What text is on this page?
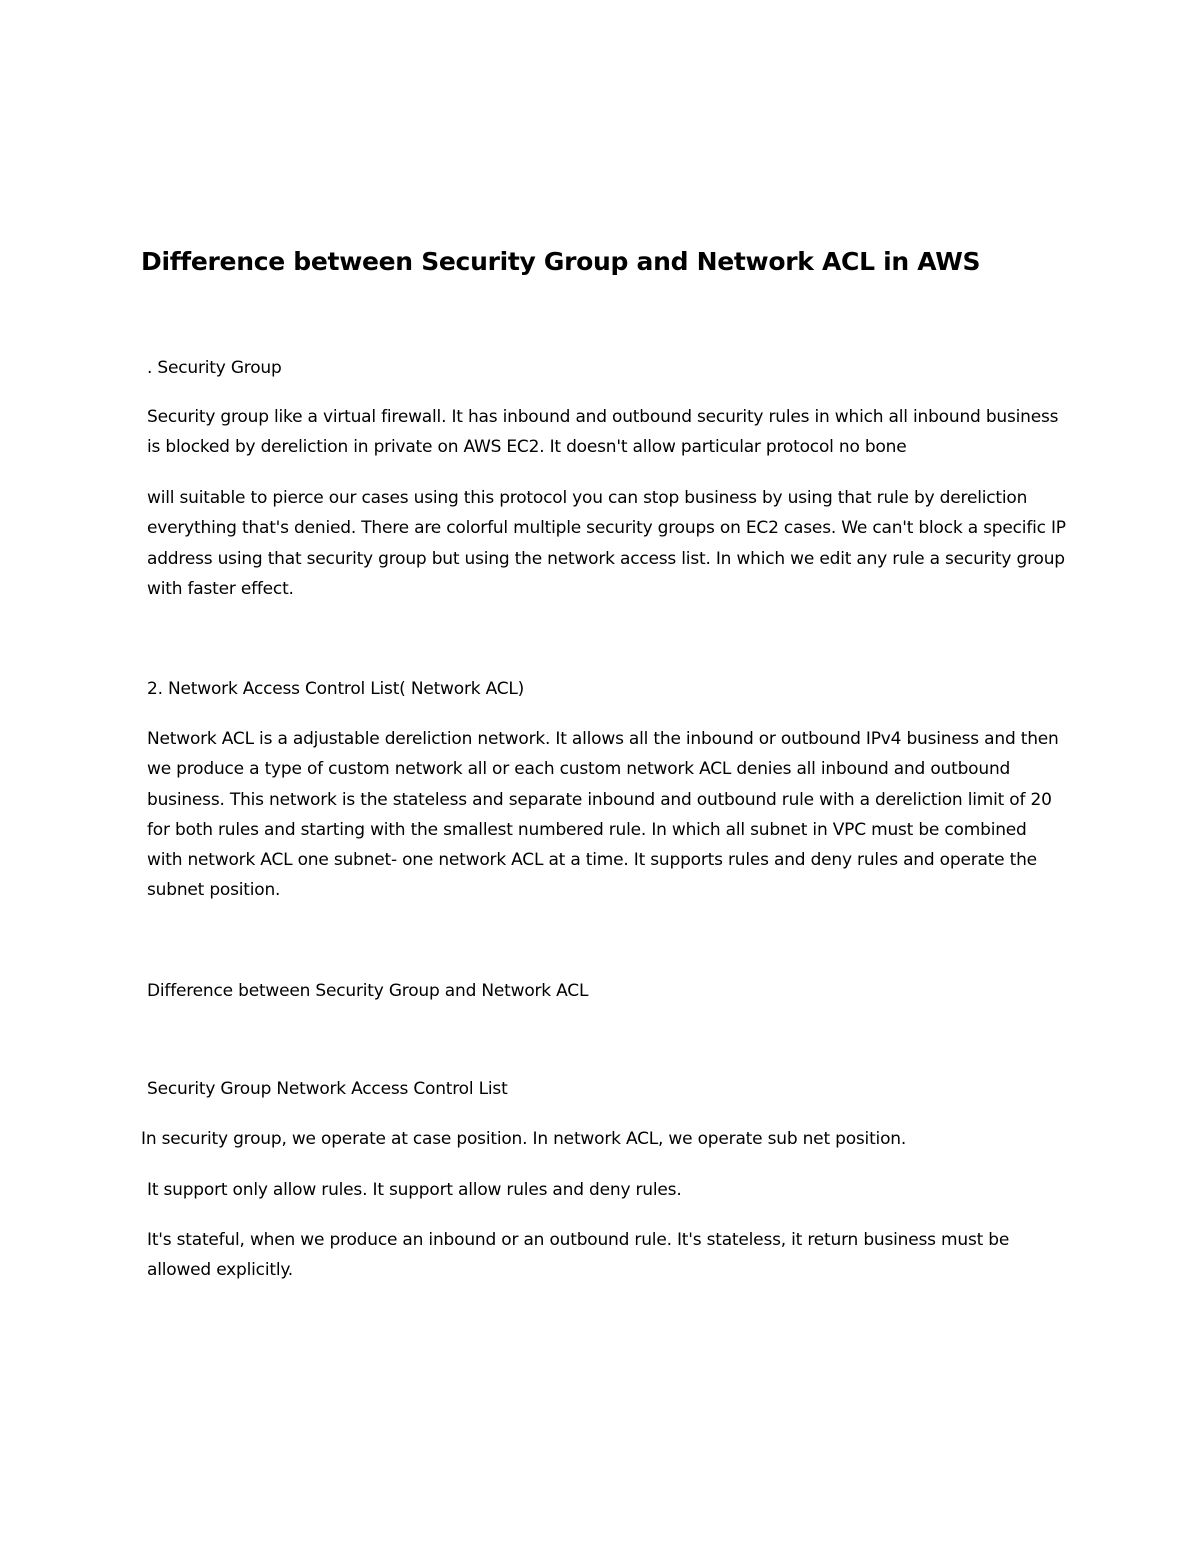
Difference between Security Group and Network ACL in AWS

. Security Group

Security group like a virtual firewall. It has inbound and outbound security rules in which all inbound business is blocked by dereliction in private on AWS EC2. It doesn't allow particular protocol no bone

will suitable to pierce our cases using this protocol you can stop business by using that rule by dereliction everything that's denied. There are colorful multiple security groups on EC2 cases. We can't block a specific IP address using that security group but using the network access list. In which we edit any rule a security group with faster effect.

2. Network Access Control List( Network ACL)

Network ACL is a adjustable dereliction network. It allows all the inbound or outbound IPv4 business and then we produce a type of custom network all or each custom network ACL denies all inbound and outbound business. This network is the stateless and separate inbound and outbound rule with a dereliction limit of 20 for both rules and starting with the smallest numbered rule. In which all subnet in VPC must be combined with network ACL one subnet- one network ACL at a time. It supports rules and deny rules and operate the subnet position.

Difference between Security Group and Network ACL

Security Group Network Access Control List

In security group, we operate at case position. In network ACL, we operate sub net position.

It support only allow rules. It support allow rules and deny rules.

It's stateful, when we produce an inbound or an outbound rule. It's stateless, it return business must be allowed explicitly.
